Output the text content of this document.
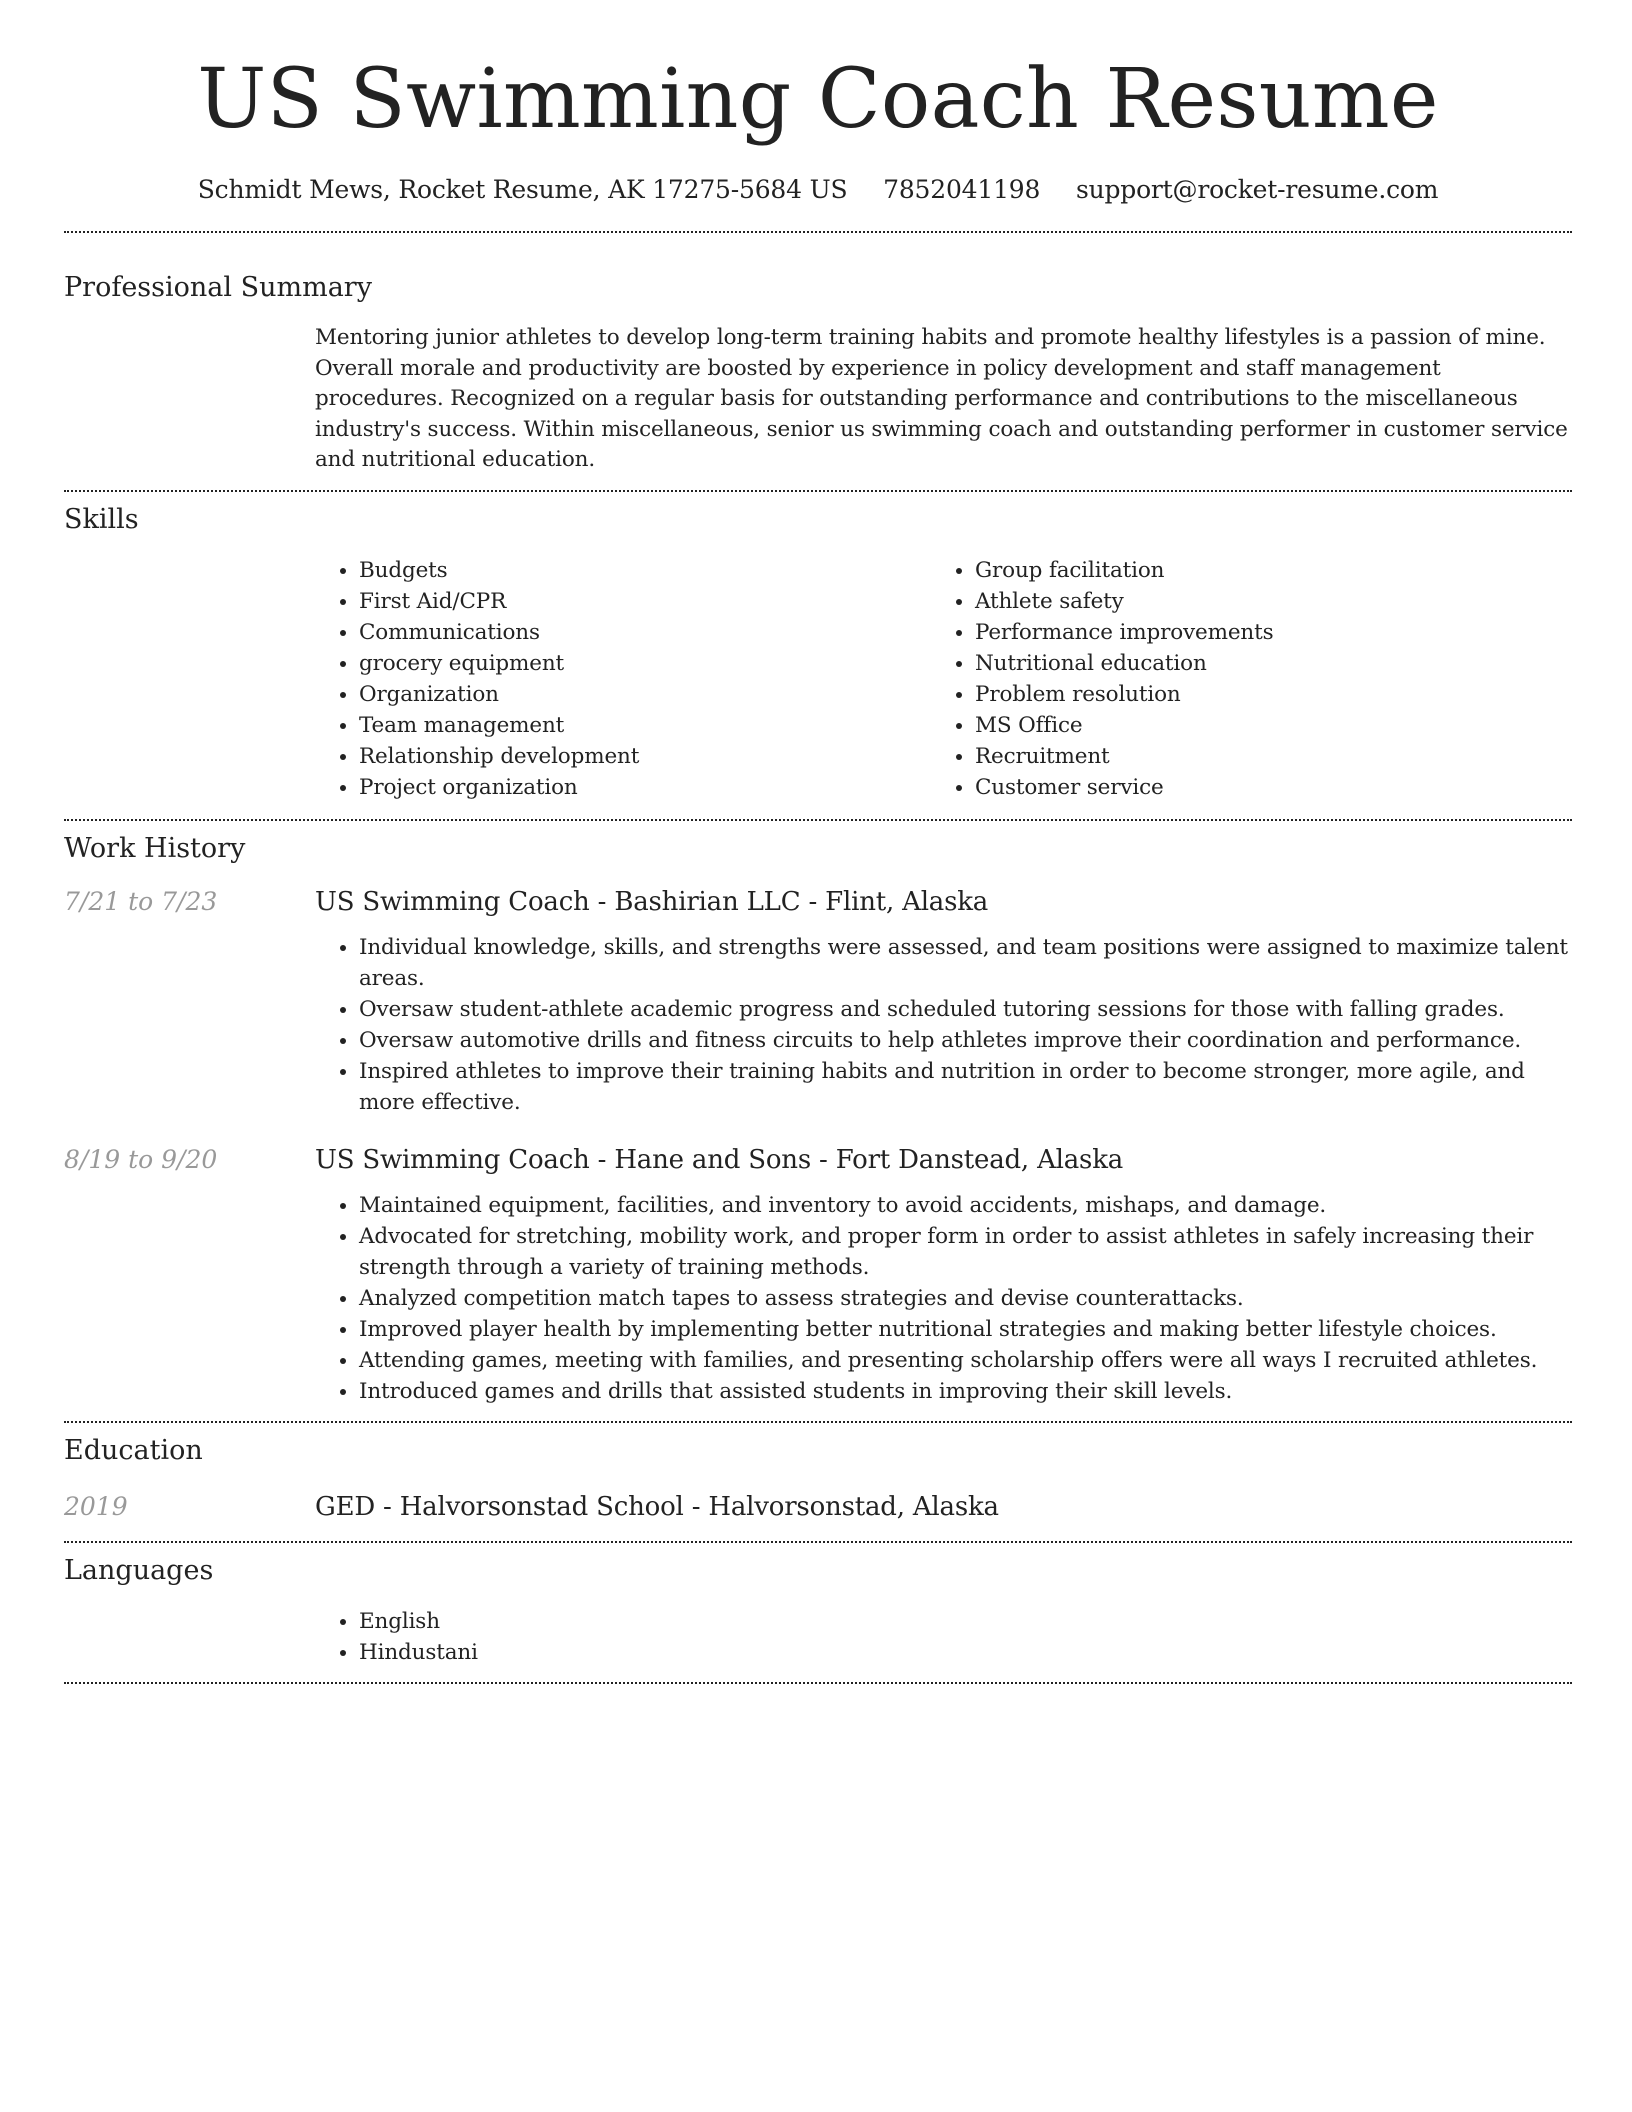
US Swimming Coach Resume
Schmidt Mews, Rocket Resume, AK 17275-5684 US 7852041198 support@rocket-resume.com
Professional Summary
Mentoring junior athletes to develop long-term training habits and promote healthy lifestyles is a passion of mine. Overall morale and productivity are boosted by experience in policy development and staff management procedures. Recognized on a regular basis for outstanding performance and contributions to the miscellaneous industry's success. Within miscellaneous, senior us swimming coach and outstanding performer in customer service and nutritional education.
Skills
• Budgets
• First Aid/CPR
• Communications
• grocery equipment
• Organization
• Team management
• Relationship development
• Project organization
• Group facilitation
• Athlete safety
• Performance improvements
• Nutritional education
• Problem resolution
• MS Office
• Recruitment
• Customer service
Work History
7/21 to 7/23	US Swimming Coach - Bashirian LLC - Flint, Alaska
• Individual knowledge, skills, and strengths were assessed, and team positions were assigned to maximize talent areas.
• Oversaw student-athlete academic progress and scheduled tutoring sessions for those with falling grades.
• Oversaw automotive drills and fitness circuits to help athletes improve their coordination and performance.
• Inspired athletes to improve their training habits and nutrition in order to become stronger, more agile, and more effective.
8/19 to 9/20	US Swimming Coach - Hane and Sons - Fort Danstead, Alaska
• Maintained equipment, facilities, and inventory to avoid accidents, mishaps, and damage.
• Advocated for stretching, mobility work, and proper form in order to assist athletes in safely increasing their strength through a variety of training methods.
• Analyzed competition match tapes to assess strategies and devise counterattacks.
• Improved player health by implementing better nutritional strategies and making better lifestyle choices.
• Attending games, meeting with families, and presenting scholarship offers were all ways I recruited athletes.
• Introduced games and drills that assisted students in improving their skill levels.
Education
2019	GED - Halvorsonstad School - Halvorsonstad, Alaska
Languages
• English
• Hindustani
